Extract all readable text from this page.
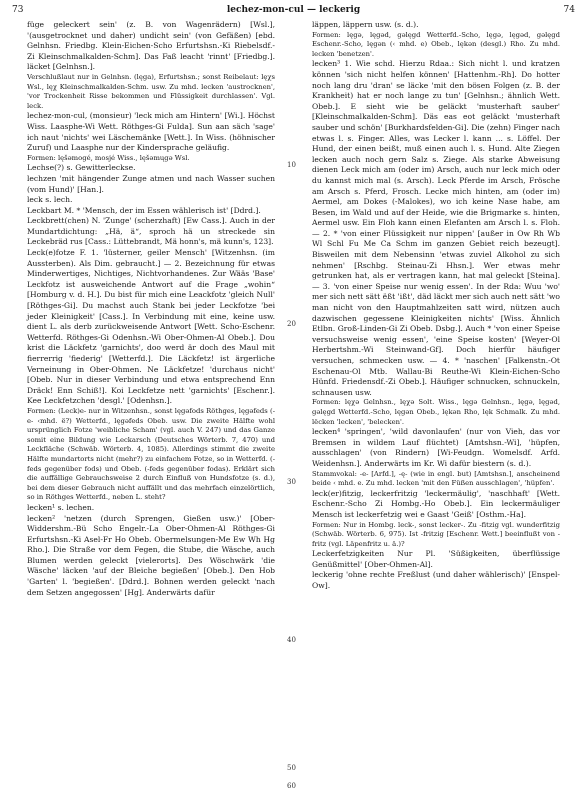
73	lechez-mon-cul — leckerig	74

füge geleckert sein' (z. B. von Wagenrädern) [Wsl.], '(ausgetrocknet und daher) undicht sein' (von Gefäßen) [ebd. Gelnhsn. Friedbg. Klein-Eichen-Scho Erfurtshsn.-Ki Riebelsdf.-Zi Kleinschmalkalden-Schm]. Das Faß leacht 'rinnt' [Friedbg.]. läcket [Gelnhsn.].

Verschlußlaut nur in Gelnhsn. (lęga), Erfurtshsn.; sonst Reibelaut: lęχs Wsl., lęχ Kleinschmalkalden-Schm. usw. Zu mhd. lecken 'austrocknen', 'vor Trockenheit Risse bekommen und Flüssigkeit durchlassen'. Vgl. leck.

lechez-mon-cul, (monsieur) 'leck mich am Hintern' [Wi.]. Höchst Wiss. Laasphe-Wi Wett. Röthges-Gi Fulda]. Sun aan säch 'sage' ich naut 'nichts' wei Läschemänke [Wett.]. In Wiss. (höhnischer Zuruf) und Laasphe nur der Kindersprache geläufig.

Formen: lęšəmogé, mosjé Wiss., lęšəmųgə Wsl.

Lechse(?) s. Gewitterleckse.

lechzen 'mit hängender Zunge atmen und nach Wasser suchen (vom Hund)' [Han.].

leck s. lech.

Leckbart M. * 'Mensch, der im Essen wählerisch ist' [Ddrd.].

Leckbrett(chen) N. 'Zunge' (scherzhaft) [Ew Cass.]. Auch in der Mundartdichtung: „Hä, ä“, sproch hä un streckede sin Leckebräd rus [Cass.: Lüttebrandt, Mä honn's, mä kunn's, 123].

Leck(e)fotze F. 1. 'lüsterner, geiler Mensch' [Witzenhsn. (im Aussterben). Als Dim. gebraucht.] — 2. Bezeichnung für etwas Minderwertiges, Nichtiges, Nichtvorhandenes. Zur Wääs 'Base' Leckfotz ist ausweichende Antwort auf die Frage „wohin“ [Homburg v. d. H.]. Du bist für mich eine Leackfotz 'gleich Null' [Röthges-Gi]. Du machst auch Stank bei jeder Leckfotze 'bei jeder Kleinigkeit' [Cass.]. In Verbindung mit eine, keine usw. dient L. als derb zurückweisende Antwort [Wett. Scho-Eschenr. Wetterfd. Röthges-Gi Odenhsn.-Wi Ober-Ohmen-Al Obeb.]. Dou krist die Läckfetz 'garnichts', doo werd är doch des Maul mit fierrerrig 'fiederig' [Wetterfd.]. Die Läckfetz! ist ärgerliche Verneinung in Ober-Ohmen. Ne Läckfetze! 'durchaus nicht' [Obeb. Nur in dieser Verbindung und etwa entsprechend Enn Dräck! Enn Schiß!]. Koi Leckfetze nett 'garnichts' [Eschenr.]. Kee Leckfetzchen 'desgl.' [Odenhsn.].

Formen: (Leck)e- nur in Witzenhsn., sonst lęgəfods Röthges, lęgəfeds (-e- ‹mhd. ë?) Wetterfd., lęgəfeds Obeb. usw. Die zweite Hälfte wohl ursprünglich Fotze 'weibliche Scham' (vgl. auch V. 247) und das Ganze somit eine Bildung wie Leckarsch (Deutsches Wörterb. 7, 470) und Leckfläche (Schwäb. Wörterb. 4, 1085). Allerdings stimmt die zweite Hälfte mundartorts nicht (mehr?) zu einfachem Fotze, so in Wetterfd. (-feds gegenüber fods) und Obeb. (-feds gegenüber fodas). Erklärt sich die auffällige Gebrauchsweise 2 durch Einfluß von Hundsfotze (s. d.), bei dem dieser Gebrauch nicht auffällt und das mehrfach einzelörtlich, so in Röthges Wetterfd., neben L. steht?

lecken¹ s. lechen.

lecken² 'netzen (durch Sprengen, Gießen usw.)' [Ober-Widdershm.-Bü Scho Engelr.-La Ober-Ohmen-Al Röthges-Gi Erfurtshsn.-Ki Asel-Fr Ho Obeb. Obermelsungen-Me Ew Wh Hg Rho.]. Die Straße vor dem Fegen, die Stube, die Wäsche, auch Blumen werden geleckt [vielerorts]. Des Wöschwärk 'die Wäsche' läcken 'auf der Bleiche begießen' [Obeb.]. Den Hob 'Garten' l. 'begießen'. [Ddrd.]. Bohnen werden geleckt 'nach dem Setzen angegossen' [Hg]. Anderwärts dafür

10
20
30
40
50
60

läppen, läppern usw. (s. d.).

Formen: lęgə, lęgəd, gəlęgd Wetterfd.-Scho, lęgə, lęgəd, gəlęgd Eschenr.-Scho, lęgən (‹ mhd. e) Obeb., lękən (desgl.) Rho. Zu mhd. lecken 'benetzen'.

lecken³ 1. Wie schd. Hierzu Rdaa.: Sich nicht l. und kratzen können 'sich nicht helfen können' [Hattenhm.-Rh]. Do hotter noch lang dru 'dran' se läcke 'mit den bösen Folgen (z. B. der Krankheit) hat er noch lange zu tun' [Gelnhsn.; ähnlich Wett. Obeb.]. E sieht wie be geläckt 'musterhaft sauber' [Kleinschmalkalden-Schm]. Däs eas eot geläckt 'musterhaft sauber und schön' [Burkhardsfelden-Gi]. Die (zehn) Finger nach etwas l. s. Finger. Alles, was Lecker l. kann ... s. Löffel. Der Hund, der einen beißt, muß einen auch l. s. Hund. Alte Ziegen lecken auch noch gern Salz s. Ziege. Als starke Abweisung dienen Leck mich am (oder im) Arsch, auch nur leck mich oder du kannst mich mal (s. Arsch). Leck Pferde im Arsch, Frösche am Arsch s. Pferd, Frosch. Lecke mich hinten, am (oder im) Aermel, am Dokes (-Malokes), wo ich keine Nase habe, am Besen, im Wald und auf der Heide, wie die Brigmarke s. hinten, Aermel usw. Ein Floh kann einen Elefanten am Arsch l. s. Floh. — 2. * 'von einer Flüssigkeit nur nippen' [außer in Ow Rh Wb Wl Schl Fu Me Ca Schm im ganzen Gebiet reich bezeugt]. Bisweilen mit dem Nebensinn 'etwas zuviel Alkohol zu sich nehmen' [Rschbg. Steinau-Zi Hhsn.]. Wer etwas mehr getrunken hat, als er vertragen kann, hat mal geleckt [Steina]. — 3. 'von einer Speise nur wenig essen'. In der Rda: Wuu 'wo' mer sich nett sätt ëßt 'ißt', däd läckt mer sich auch nett sätt 'wo man nicht von den Hauptmahlzeiten satt wird, nützen auch dazwischen gegessene Kleinigkeiten nichts' [Wiss. Ähnlich Etlbn. Groß-Linden-Gi Zi Obeb. Dsbg.]. Auch * 'von einer Speise versuchsweise wenig essen', 'eine Speise kosten' [Weyer-Ol Herbertshm.-Wi Steinwand-Gf]. Doch hierfür häufiger versuchen, schmecken usw. — 4. * 'naschen' [Falkenstn.-Ot Eschenau-Ol Mtb. Wallau-Bi Reuthe-Wi Klein-Eichen-Scho Hünfd. Friedensdf.-Zi Obeb.]. Häufiger schnucken, schnuckeln, schnausen usw.

Formen: lęχə Gelnhsn., lęχə Solt. Wiss., lęgə Gelnhsn., lęgə, lęgəd, gəlęgd Wetterfd.-Scho, lęgən Obeb., lękən Rho, lęk Schmalk. Zu mhd. lëcken 'lecken', 'belecken'.

lecken⁴ 'springen', 'wild davonlaufen' (nur von Vieh, das vor Bremsen in wildem Lauf flüchtet) [Amtshsn.-Wi], 'hüpfen, ausschlagen' (von Rindern) [Wi-Feudgn. Womelsdf. Arfd. Weidenhsn.]. Anderwärts im Kr. Wi dafür biestern (s. d.).

Stammvokal: -e- [Arfd.], -ę- (wie in engl. but) [Amtshsn.], anscheinend beide ‹ mhd. e. Zu mhd. lecken 'mit den Füßen ausschlagen', 'hüpfen'.

leck(er)fitzig, leckerfritzig 'leckermäulig', 'naschhaft' [Wett. Eschenr.-Scho Zi Hombg.-Ho Obeb.]. Ein leckermäuliger Mensch ist leckerfetzig wei e Gaast 'Geiß' [Osthm.-Ha].

Formen: Nur in Hombg. leck-, sonst lecker-. Zu -fitzig vgl. wunderfitzig (Schwäb. Wörterb. 6, 975). Ist -fritzig [Eschenr. Wett.] beeinflußt von -fritz (vgl. Läpenfritz u. ä.)?

Leckerfetzigkeiten Nur Pl. 'Süßigkeiten, überflüssige Genüßmittel' [Ober-Ohmen-Al].

leckerig 'ohne rechte Freßlust (und daher wählerisch)' [Enspel-Ow].
